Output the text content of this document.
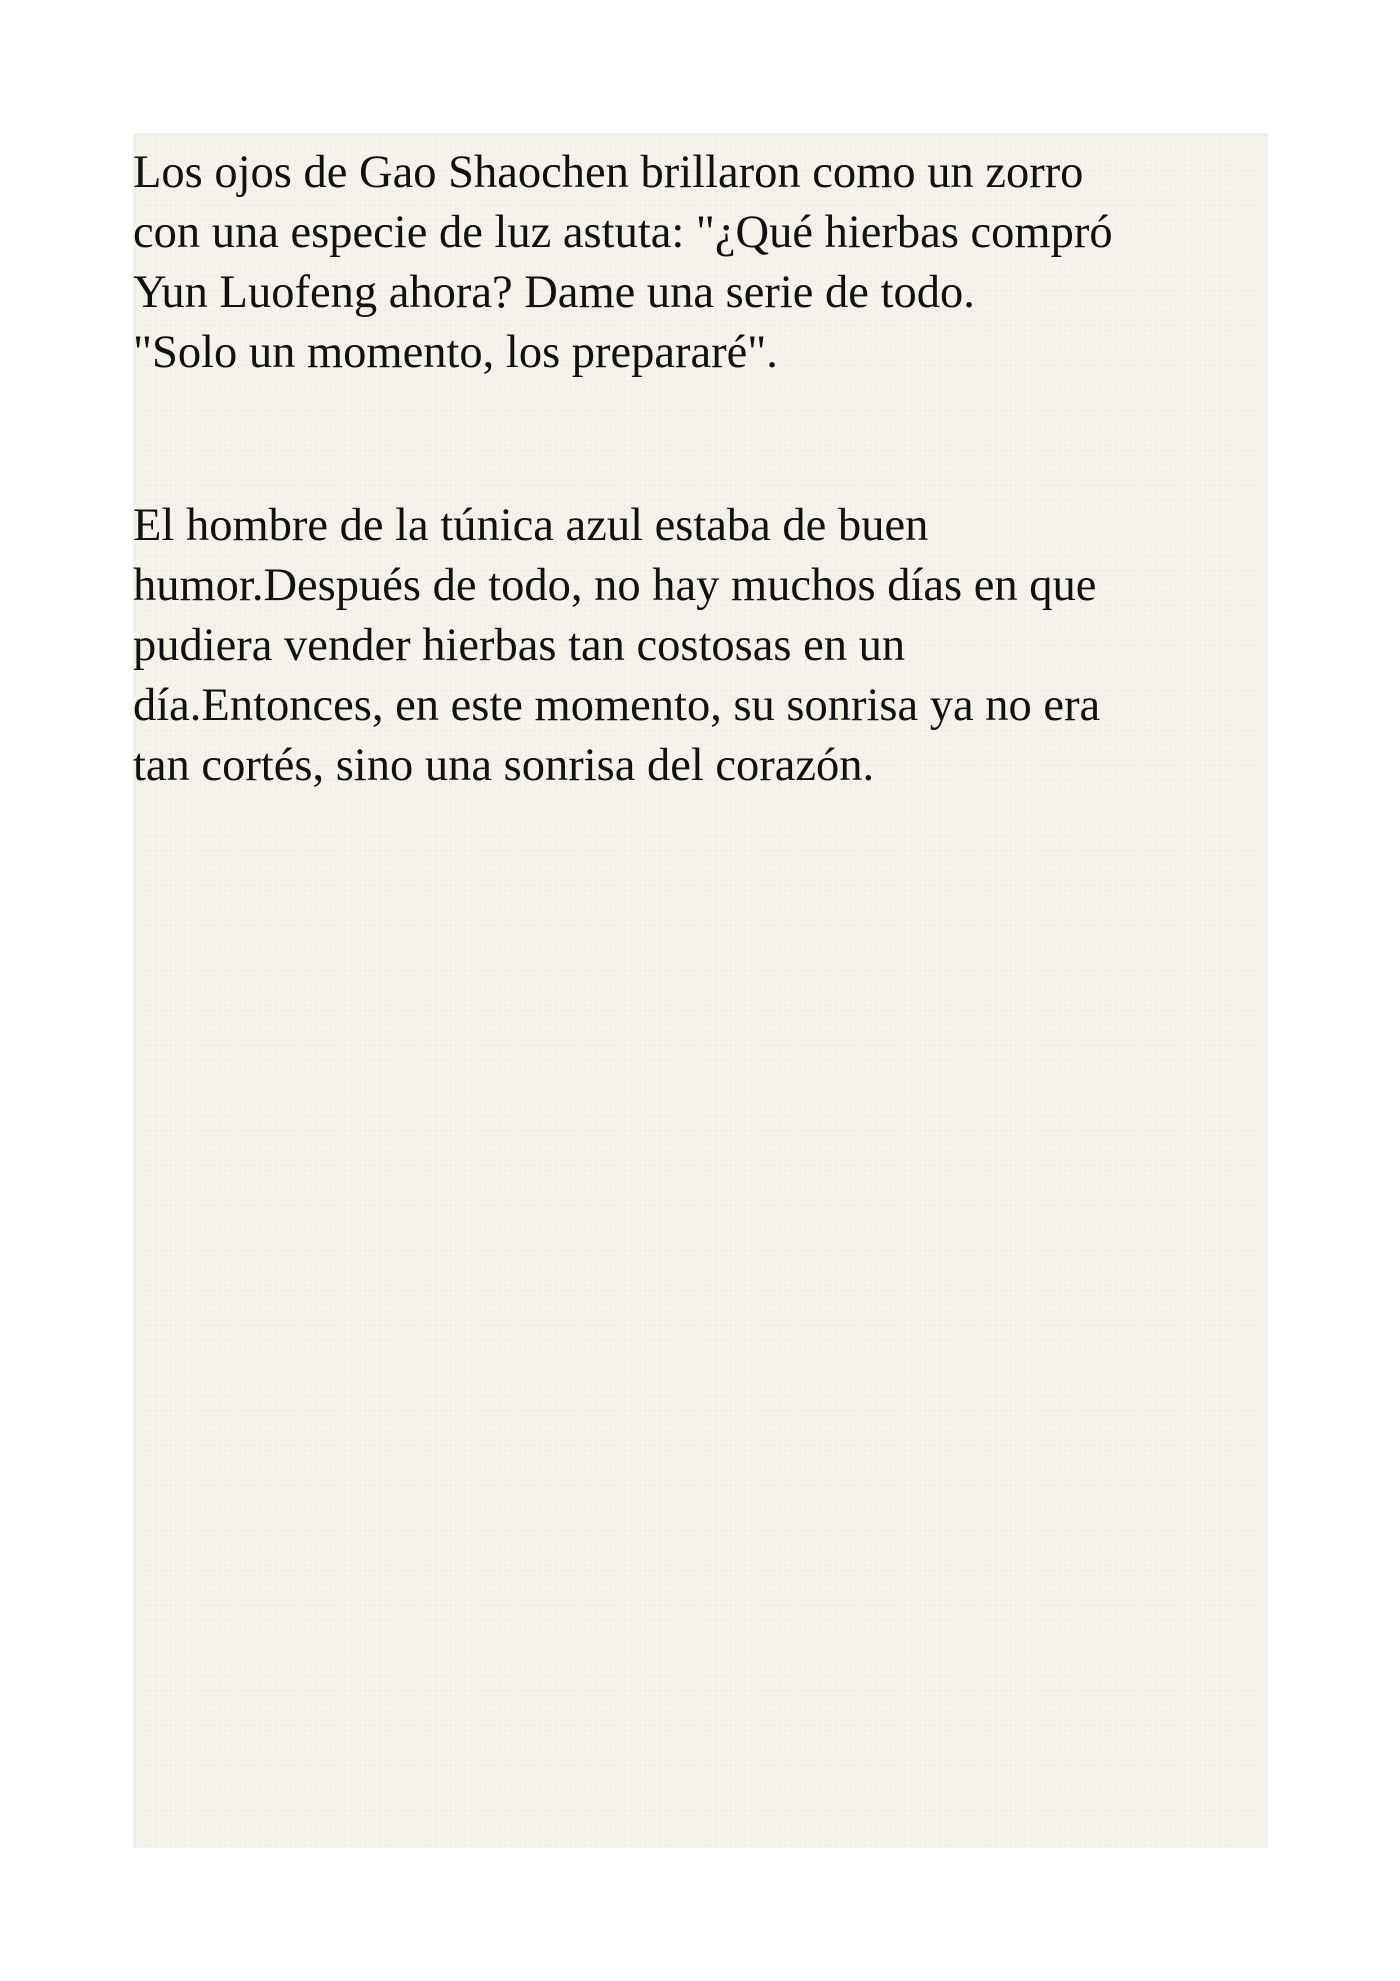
Los ojos de Gao Shaochen brillaron como un zorro
con una especie de luz astuta: "¿Qué hierbas compró
Yun Luofeng ahora? Dame una serie de todo.
"Solo un momento, los prepararé".
El hombre de la túnica azul estaba de buen
humor.Después de todo, no hay muchos días en que
pudiera vender hierbas tan costosas en un
día.Entonces, en este momento, su sonrisa ya no era
tan cortés, sino una sonrisa del corazón.
